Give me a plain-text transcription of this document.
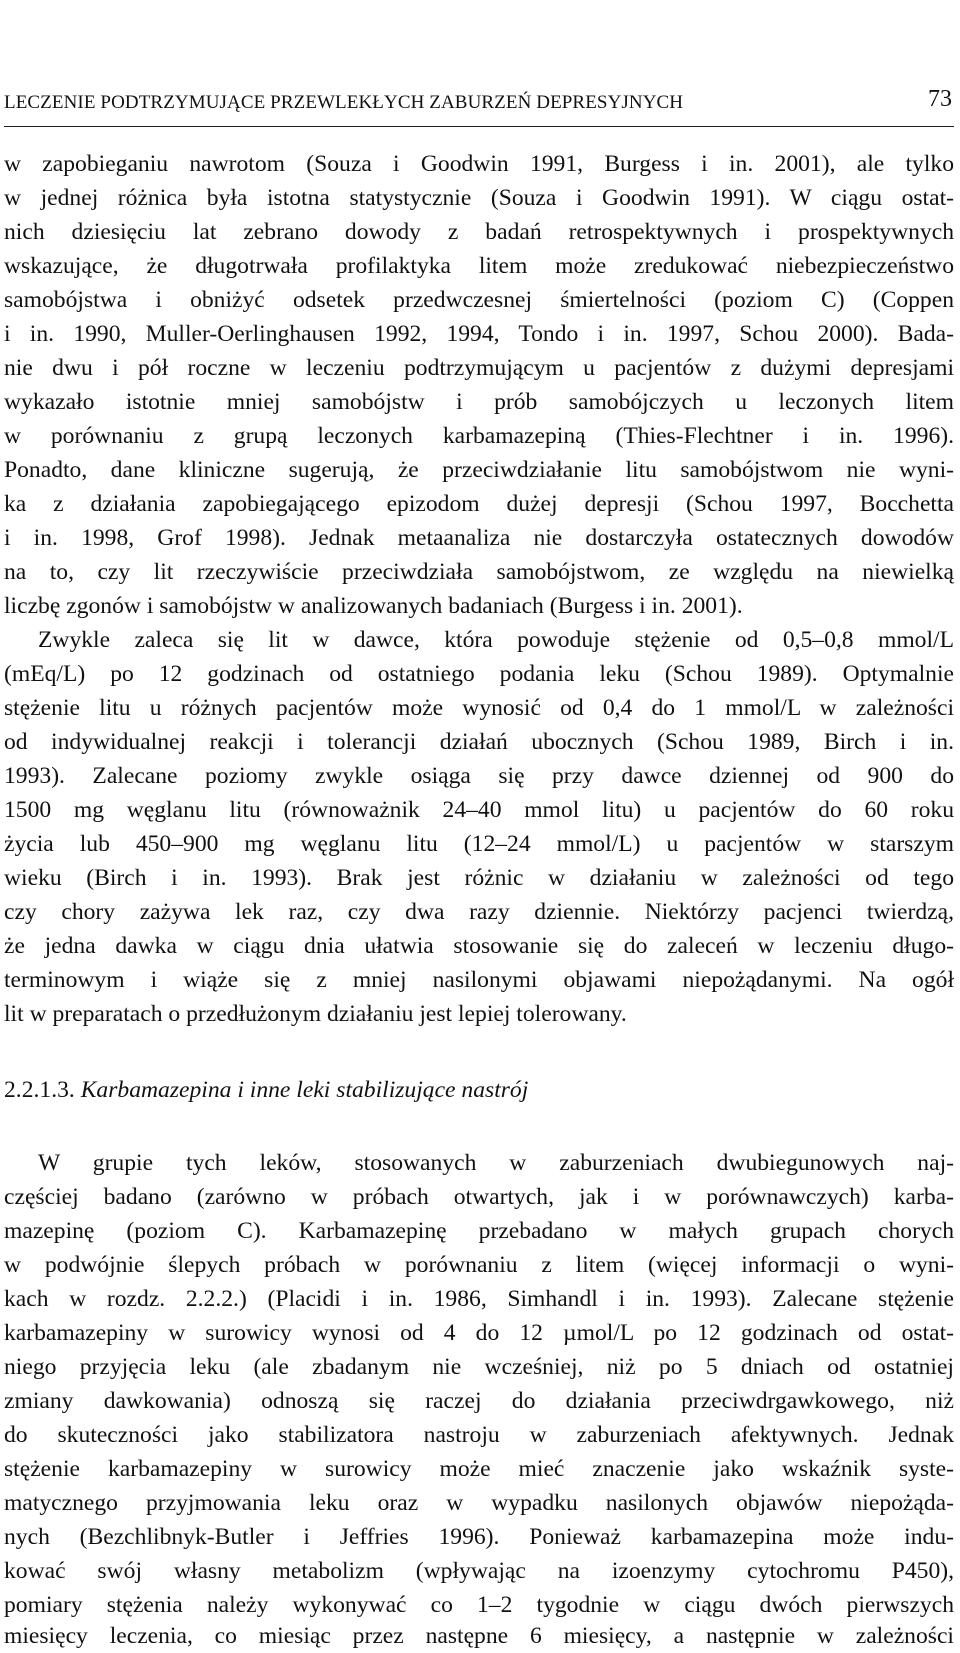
LECZENIE PODTRZYMUJĄCE PRZEWLEKŁYCH ZABURZEŃ DEPRESYJNYCH	73
w zapobieganiu nawrotom (Souza i Goodwin 1991, Burgess i in. 2001), ale tylko
w jednej różnica była istotna statystycznie (Souza i Goodwin 1991). W ciągu ostat-
nich dziesięciu lat zebrano dowody z badań retrospektywnych i prospektywnych
wskazujące, że długotrwała profilaktyka litem może zredukować niebezpieczeństwo
samobójstwa i obniżyć odsetek przedwczesnej śmiertelności (poziom C) (Coppen
i in. 1990, Muller-Oerlinghausen 1992, 1994, Tondo i in. 1997, Schou 2000). Bada-
nie dwu i pół roczne w leczeniu podtrzymującym u pacjentów z dużymi depresjami
wykazało istotnie mniej samobójstw i prób samobójczych u leczonych litem
w porównaniu z grupą leczonych karbamazepiną (Thies-Flechtner i in. 1996).
Ponadto, dane kliniczne sugerują, że przeciwdziałanie litu samobójstwom nie wyni-
ka z działania zapobiegającego epizodom dużej depresji (Schou 1997, Bocchetta
i in. 1998, Grof 1998). Jednak metaanaliza nie dostarczyła ostatecznych dowodów
na to, czy lit rzeczywiście przeciwdziała samobójstwom, ze względu na niewielką
liczbę zgonów i samobójstw w analizowanych badaniach (Burgess i in. 2001).
Zwykle zaleca się lit w dawce, która powoduje stężenie od 0,5–0,8 mmol/L
(mEq/L) po 12 godzinach od ostatniego podania leku (Schou 1989). Optymalnie
stężenie litu u różnych pacjentów może wynosić od 0,4 do 1 mmol/L w zależności
od indywidualnej reakcji i tolerancji działań ubocznych (Schou 1989, Birch i in.
1993). Zalecane poziomy zwykle osiąga się przy dawce dziennej od 900 do
1500 mg węglanu litu (równoważnik 24–40 mmol litu) u pacjentów do 60 roku
życia lub 450–900 mg węglanu litu (12–24 mmol/L) u pacjentów w starszym
wieku (Birch i in. 1993). Brak jest różnic w działaniu w zależności od tego
czy chory zażywa lek raz, czy dwa razy dziennie. Niektórzy pacjenci twierdzą,
że jedna dawka w ciągu dnia ułatwia stosowanie się do zaleceń w leczeniu długo-
terminowym i wiąże się z mniej nasilonymi objawami niepożądanymi. Na ogół
lit w preparatach o przedłużonym działaniu jest lepiej tolerowany.
2.2.1.3. Karbamazepina i inne leki stabilizujące nastrój
W grupie tych leków, stosowanych w zaburzeniach dwubiegunowych naj-
częściej badano (zarówno w próbach otwartych, jak i w porównawczych) karba-
mazepinę (poziom C). Karbamazepinę przebadano w małych grupach chorych
w podwójnie ślepych próbach w porównaniu z litem (więcej informacji o wyni-
kach w rozdz. 2.2.2.) (Placidi i in. 1986, Simhandl i in. 1993). Zalecane stężenie
karbamazepiny w surowicy wynosi od 4 do 12 µmol/L po 12 godzinach od ostat-
niego przyjęcia leku (ale zbadanym nie wcześniej, niż po 5 dniach od ostatniej
zmiany dawkowania) odnoszą się raczej do działania przeciwdrgawkowego, niż
do skuteczności jako stabilizatora nastroju w zaburzeniach afektywnych. Jednak
stężenie karbamazepiny w surowicy może mieć znaczenie jako wskaźnik syste-
matycznego przyjmowania leku oraz w wypadku nasilonych objawów niepożąda-
nych (Bezchlibnyk-Butler i Jeffries 1996). Ponieważ karbamazepina może indu-
kować swój własny metabolizm (wpływając na izoenzymy cytochromu P450),
pomiary stężenia należy wykonywać co 1–2 tygodnie w ciągu dwóch pierwszych
miesięcy leczenia, co miesiąc przez następne 6 miesięcy, a następnie w zależności
